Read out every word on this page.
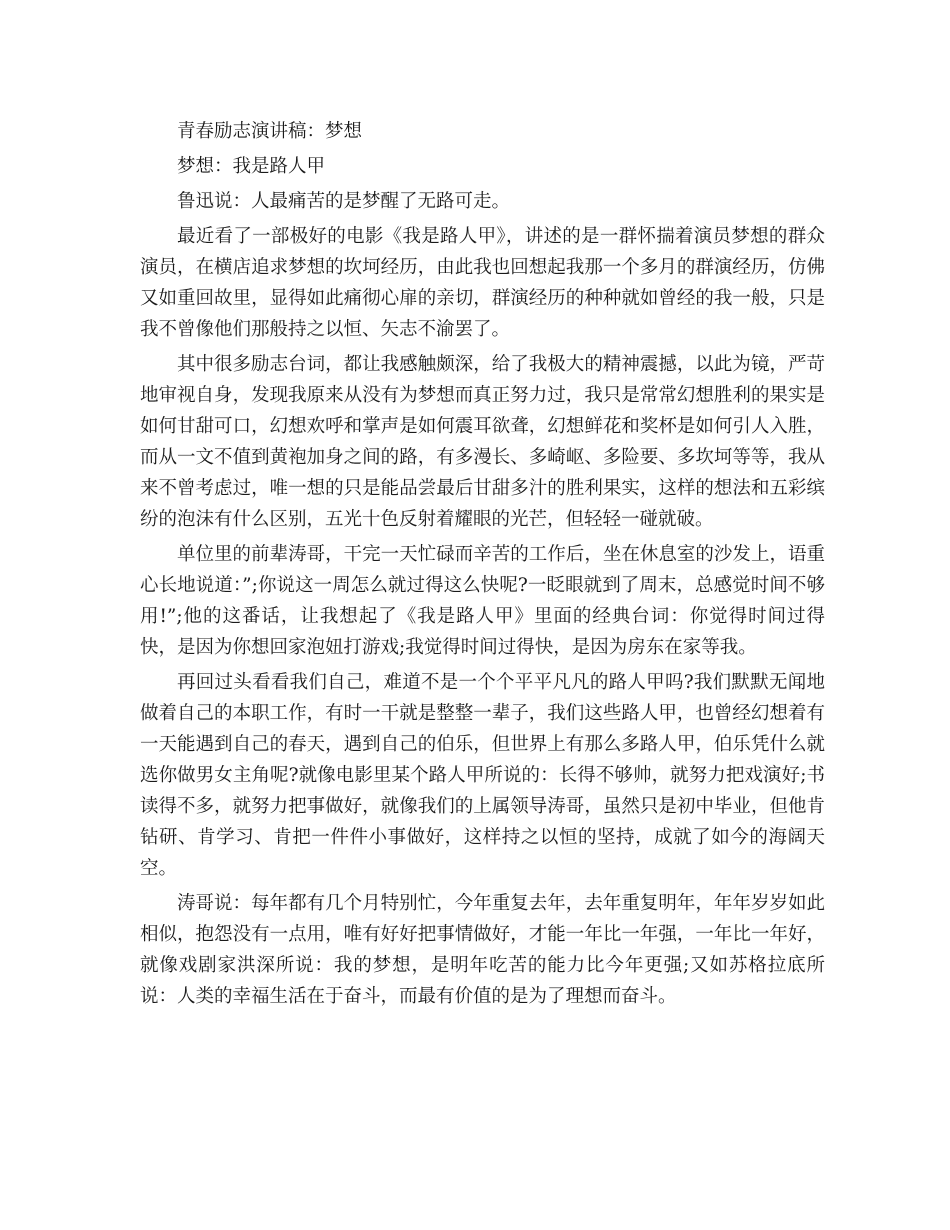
青春励志演讲稿：梦想

梦想：我是路人甲

鲁迅说：人最痛苦的是梦醒了无路可走。

最近看了一部极好的电影《我是路人甲》，讲述的是一群怀揣着演员梦想的群众演员，在横店追求梦想的坎坷经历，由此我也回想起我那一个多月的群演经历，仿佛又如重回故里，显得如此痛彻心扉的亲切，群演经历的种种就如曾经的我一般，只是我不曾像他们那般持之以恒、矢志不渝罢了。

其中很多励志台词，都让我感触颇深，给了我极大的精神震撼，以此为镜，严苛地审视自身，发现我原来从没有为梦想而真正努力过，我只是常常幻想胜利的果实是如何甘甜可口，幻想欢呼和掌声是如何震耳欲聋，幻想鲜花和奖杯是如何引人入胜，而从一文不值到黄袍加身之间的路，有多漫长、多崎岖、多险要、多坎坷等等，我从来不曾考虑过，唯一想的只是能品尝最后甘甜多汁的胜利果实，这样的想法和五彩缤纷的泡沫有什么区别，五光十色反射着耀眼的光芒，但轻轻一碰就破。

单位里的前辈涛哥，干完一天忙碌而辛苦的工作后，坐在休息室的沙发上，语重心长地说道：”;你说这一周怎么就过得这么快呢?一眨眼就到了周末，总感觉时间不够用!”;他的这番话，让我想起了《我是路人甲》里面的经典台词：你觉得时间过得快，是因为你想回家泡妞打游戏;我觉得时间过得快，是因为房东在家等我。

再回过头看看我们自己，难道不是一个个平平凡凡的路人甲吗?我们默默无闻地做着自己的本职工作，有时一干就是整整一辈子，我们这些路人甲，也曾经幻想着有一天能遇到自己的春天，遇到自己的伯乐，但世界上有那么多路人甲，伯乐凭什么就选你做男女主角呢?就像电影里某个路人甲所说的：长得不够帅，就努力把戏演好;书读得不多，就努力把事做好，就像我们的上属领导涛哥，虽然只是初中毕业，但他肯钻研、肯学习、肯把一件件小事做好，这样持之以恒的坚持，成就了如今的海阔天空。

涛哥说：每年都有几个月特别忙，今年重复去年，去年重复明年，年年岁岁如此相似，抱怨没有一点用，唯有好好把事情做好，才能一年比一年强，一年比一年好，就像戏剧家洪深所说：我的梦想，是明年吃苦的能力比今年更强;又如苏格拉底所说：人类的幸福生活在于奋斗，而最有价值的是为了理想而奋斗。
